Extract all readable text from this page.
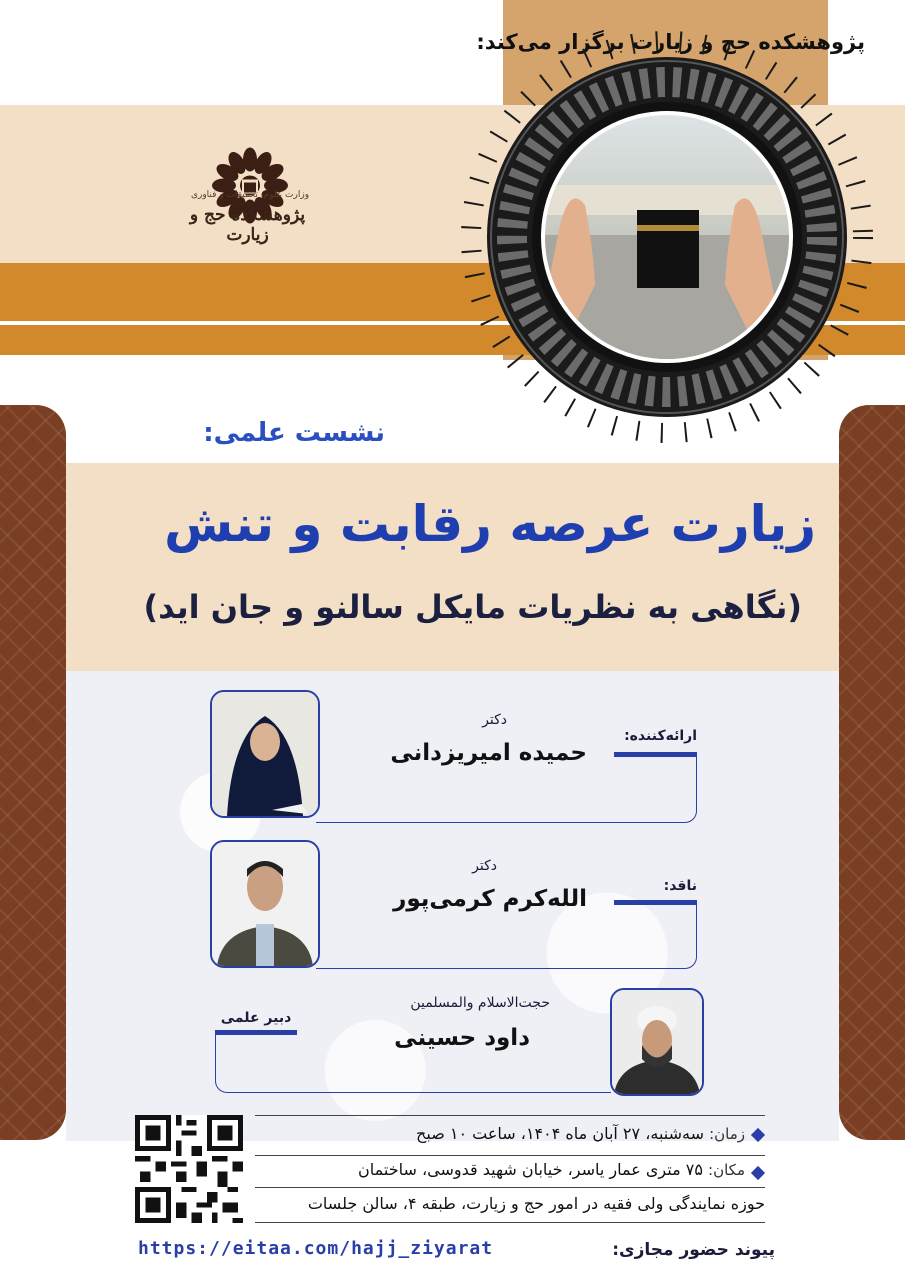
پژوهشکده حج و زیارت برگزار می‌کند:
وزارت علوم، تحقیقات و فناوری
پژوهشکده حج و زیارت
نشست علمی:
زیارت عرصه رقابت و تنش
(نگاهی به نظریات مایکل سالنو و جان اید)
ارائه‌کننده:
دکتر
حمیده امیریزدانی
ناقد:
دکتر
الله‌کرم کرمی‌پور
دبیر علمی
حجت‌الاسلام والمسلمین
داود حسینی
زمان: سه‌شنبه، ۲۷ آبان ماه ۱۴۰۴، ساعت ۱۰ صبح
مکان: ۷۵ متری عمار یاسر، خیابان شهید قدوسی، ساختمان
حوزه نمایندگی ولی فقیه در امور حج و زیارت، طبقه ۴، سالن جلسات
پیوند حضور مجازی:
https://eitaa.com/hajj_ziyarat
